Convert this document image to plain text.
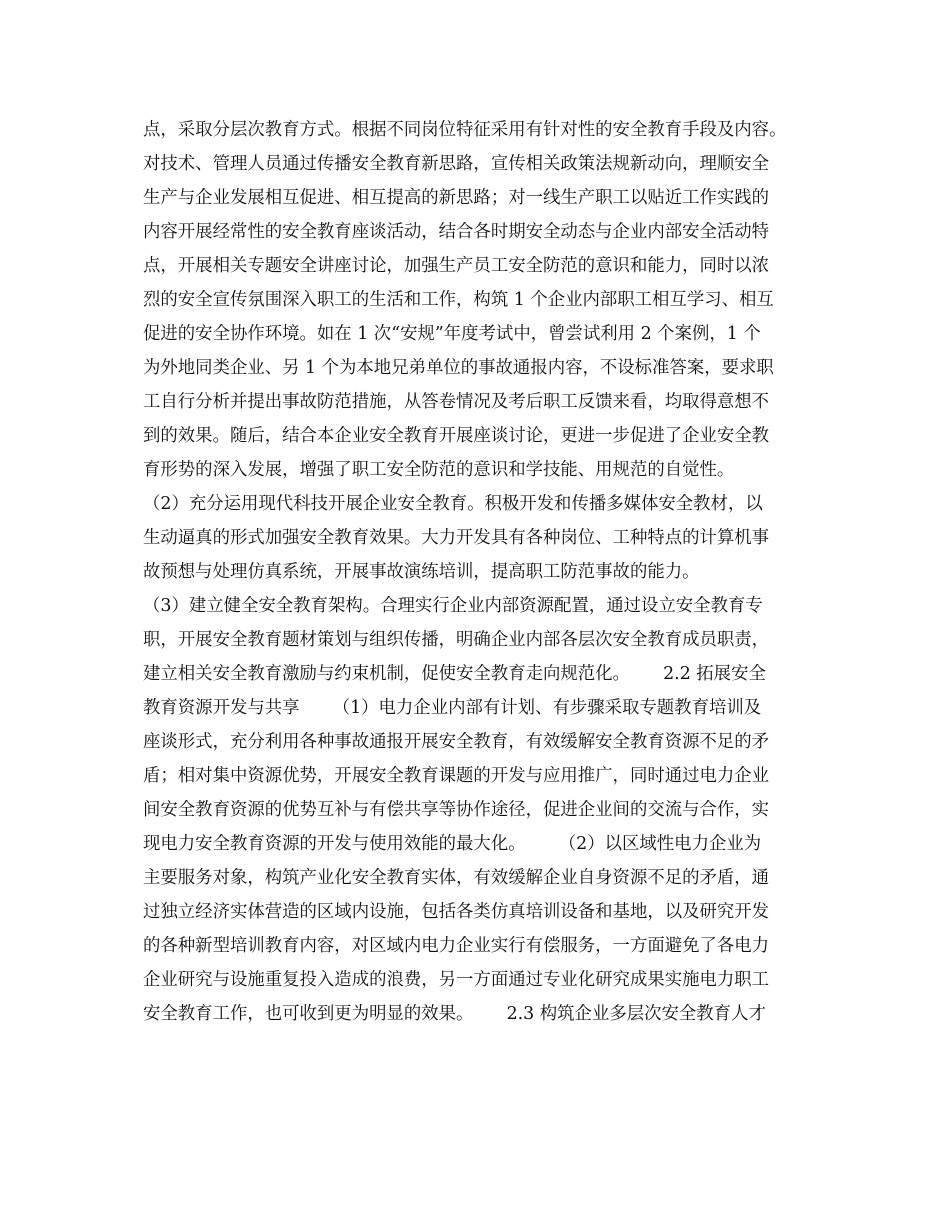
点，采取分层次教育方式。根据不同岗位特征采用有针对性的安全教育手段及内容。
对技术、管理人员通过传播安全教育新思路，宣传相关政策法规新动向，理顺安全
生产与企业发展相互促进、相互提高的新思路；对一线生产职工以贴近工作实践的
内容开展经常性的安全教育座谈活动，结合各时期安全动态与企业内部安全活动特
点，开展相关专题安全讲座讨论，加强生产员工安全防范的意识和能力，同时以浓
烈的安全宣传氛围深入职工的生活和工作，构筑 1 个企业内部职工相互学习、相互
促进的安全协作环境。如在 1 次“安规”年度考试中，曾尝试利用 2 个案例，1 个
为外地同类企业、另 1 个为本地兄弟单位的事故通报内容，不设标准答案，要求职
工自行分析并提出事故防范措施，从答卷情况及考后职工反馈来看，均取得意想不
到的效果。随后，结合本企业安全教育开展座谈讨论，更进一步促进了企业安全教
育形势的深入发展，增强了职工安全防范的意识和学技能、用规范的自觉性。
（2）充分运用现代科技开展企业安全教育。积极开发和传播多媒体安全教材，以
生动逼真的形式加强安全教育效果。大力开发具有各种岗位、工种特点的计算机事
故预想与处理仿真系统，开展事故演练培训，提高职工防范事故的能力。
（3）建立健全安全教育架构。合理实行企业内部资源配置，通过设立安全教育专
职，开展安全教育题材策划与组织传播，明确企业内部各层次安全教育成员职责，
建立相关安全教育激励与约束机制，促使安全教育走向规范化。      2.2 拓展安全
教育资源开发与共享      （1）电力企业内部有计划、有步骤采取专题教育培训及
座谈形式，充分利用各种事故通报开展安全教育，有效缓解安全教育资源不足的矛
盾；相对集中资源优势，开展安全教育课题的开发与应用推广，同时通过电力企业
间安全教育资源的优势互补与有偿共享等协作途径，促进企业间的交流与合作，实
现电力安全教育资源的开发与使用效能的最大化。      （2）以区域性电力企业为
主要服务对象，构筑产业化安全教育实体，有效缓解企业自身资源不足的矛盾，通
过独立经济实体营造的区域内设施，包括各类仿真培训设备和基地，以及研究开发
的各种新型培训教育内容，对区域内电力企业实行有偿服务，一方面避免了各电力
企业研究与设施重复投入造成的浪费，另一方面通过专业化研究成果实施电力职工
安全教育工作，也可收到更为明显的效果。      2.3 构筑企业多层次安全教育人才
